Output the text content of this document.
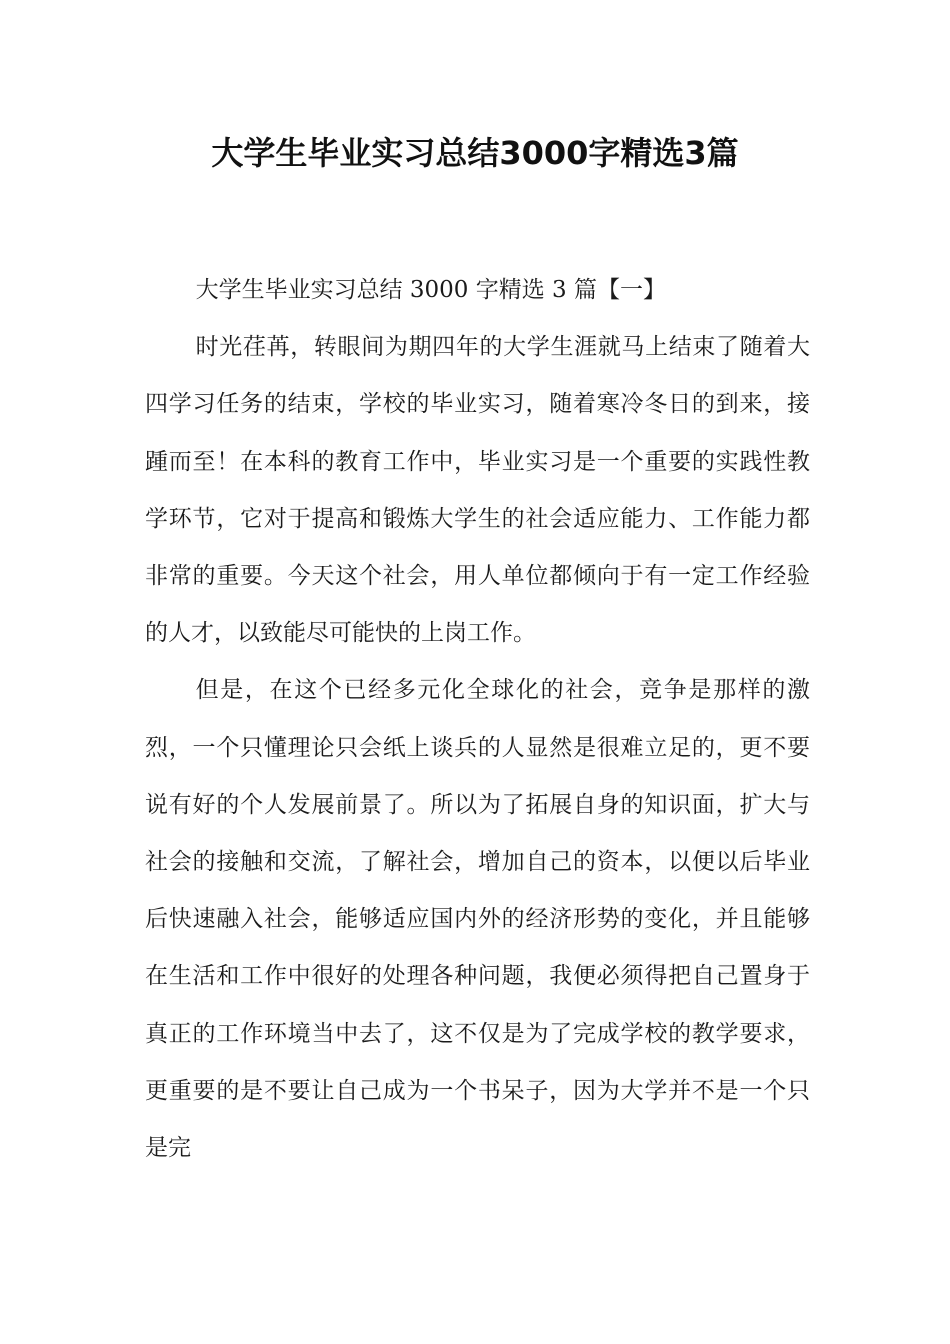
大学生毕业实习总结3000字精选3篇

大学生毕业实习总结 3000 字精选 3 篇【一】

时光荏苒，转眼间为期四年的大学生涯就马上结束了随着大四学习任务的结束，学校的毕业实习，随着寒冷冬日的到来，接踵而至！在本科的教育工作中，毕业实习是一个重要的实践性教学环节，它对于提高和锻炼大学生的社会适应能力、工作能力都非常的重要。今天这个社会，用人单位都倾向于有一定工作经验的人才，以致能尽可能快的上岗工作。

但是，在这个已经多元化全球化的社会，竞争是那样的激烈，一个只懂理论只会纸上谈兵的人显然是很难立足的，更不要说有好的个人发展前景了。所以为了拓展自身的知识面，扩大与社会的接触和交流，了解社会，增加自己的资本，以便以后毕业后快速融入社会，能够适应国内外的经济形势的变化，并且能够在生活和工作中很好的处理各种问题，我便必须得把自己置身于真正的工作环境当中去了，这不仅是为了完成学校的教学要求，更重要的是不要让自己成为一个书呆子，因为大学并不是一个只是完
